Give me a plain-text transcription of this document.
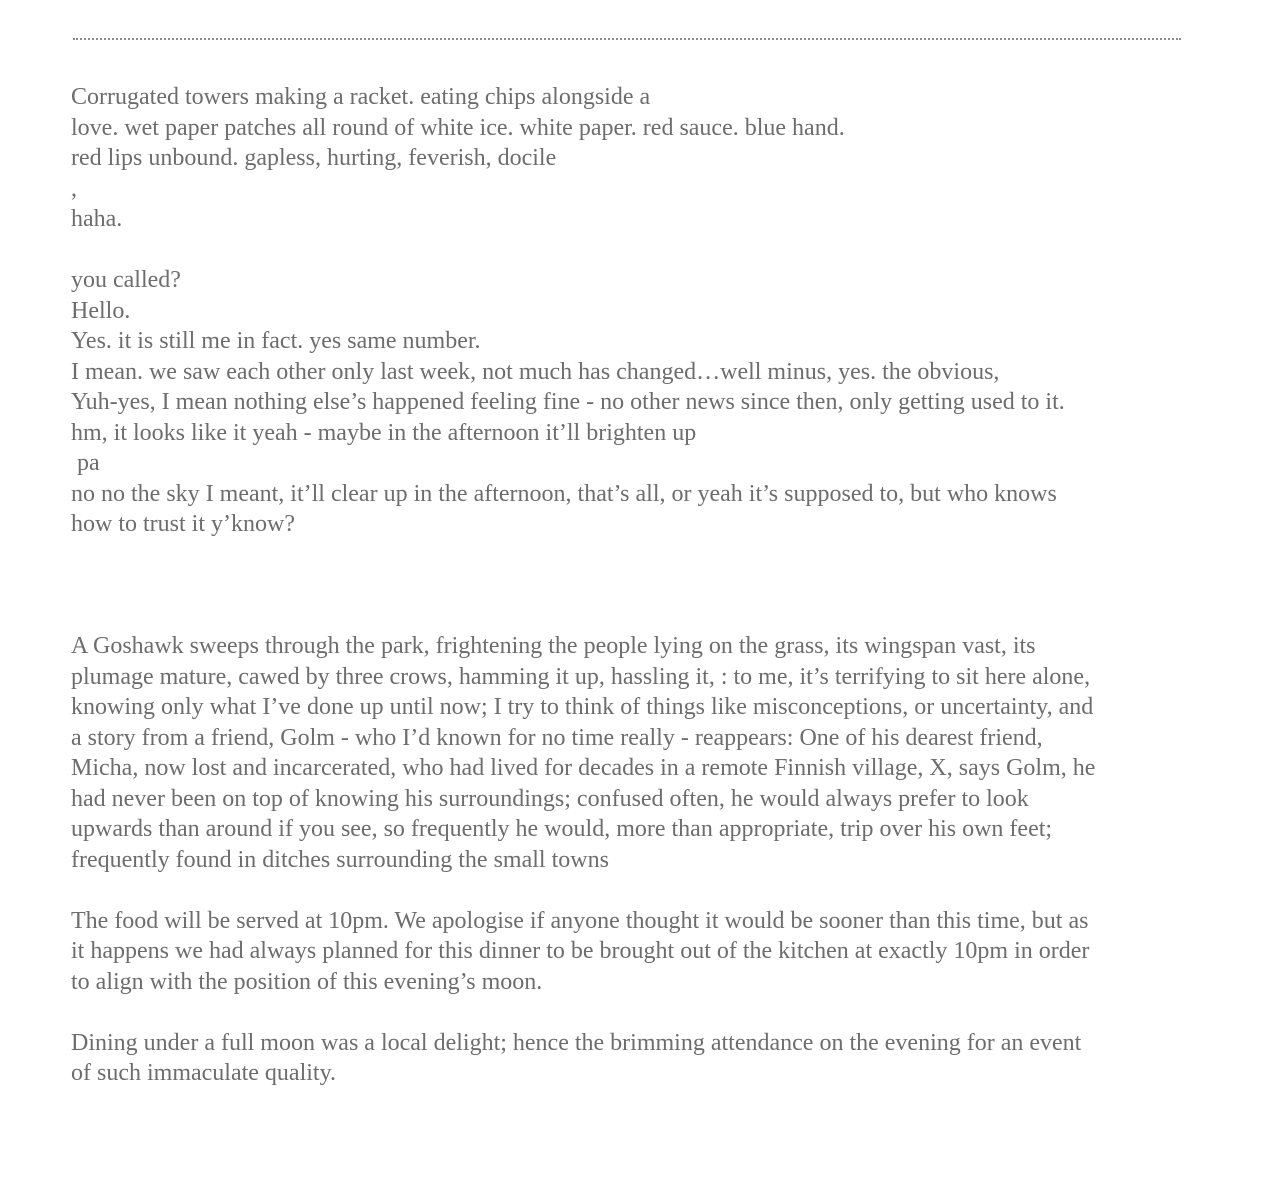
Corrugated towers making a racket. eating chips alongside a
love. wet paper patches all round of white ice. white paper. red sauce. blue hand.
red lips unbound. gapless, hurting, feverish, docile
,
haha.
you called?
Hello.
Yes. it is still me in fact. yes same number.
I mean. we saw each other only last week, not much has changed…well minus, yes. the obvious,
Yuh-yes, I mean nothing else’s happened feeling fine - no other news since then, only getting used to it.
hm, it looks like it yeah - maybe in the afternoon it’ll brighten up
pa
no no the sky I meant, it’ll clear up in the afternoon, that’s all, or yeah it’s supposed to, but who knows
how to trust it y’know?
A Goshawk sweeps through the park, frightening the people lying on the grass, its wingspan vast, its
plumage mature, cawed by three crows, hamming it up, hassling it, : to me, it’s terrifying to sit here alone,
knowing only what I’ve done up until now; I try to think of things like misconceptions, or uncertainty, and
a story from a friend, Golm - who I’d known for no time really - reappears: One of his dearest friend,
Micha, now lost and incarcerated, who had lived for decades in a remote Finnish village, X, says Golm, he
had never been on top of knowing his surroundings; confused often, he would always prefer to look
upwards than around if you see, so frequently he would, more than appropriate, trip over his own feet;
frequently found in ditches surrounding the small towns
The food will be served at 10pm. We apologise if anyone thought it would be sooner than this time, but as
it happens we had always planned for this dinner to be brought out of the kitchen at exactly 10pm in order
to align with the position of this evening’s moon.
Dining under a full moon was a local delight; hence the brimming attendance on the evening for an event
of such immaculate quality.
